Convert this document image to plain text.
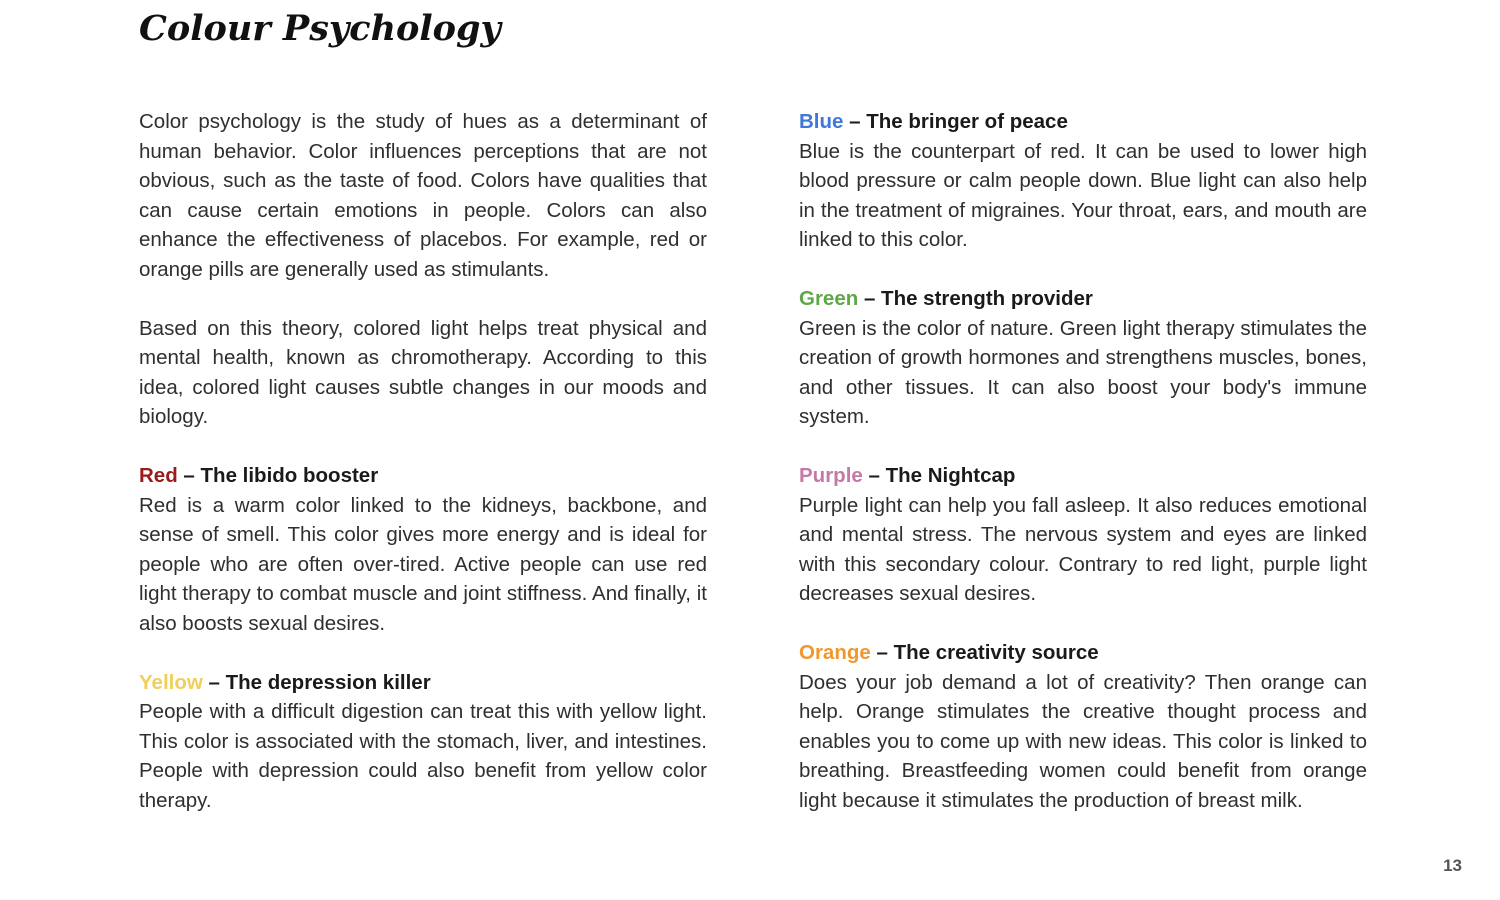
Colour Psychology

Color psychology is the study of hues as a determinant of human behavior. Color influences perceptions that are not obvious, such as the taste of food. Colors have qualities that can cause certain emotions in people. Colors can also enhance the effectiveness of placebos. For example, red or orange pills are generally used as stimulants.

Based on this theory, colored light helps treat physical and mental health, known as chromotherapy. According to this idea, colored light causes subtle changes in our moods and biology.

Red – The libido booster

Red is a warm color linked to the kidneys, backbone, and sense of smell. This color gives more energy and is ideal for people who are often over-tired. Active people can use red light therapy to combat muscle and joint stiffness. And finally, it also boosts sexual desires.

Yellow – The depression killer

People with a difficult digestion can treat this with yellow light. This color is associated with the stomach, liver, and intestines. People with depression could also benefit from yellow color therapy.

Blue – The bringer of peace

Blue is the counterpart of red. It can be used to lower high blood pressure or calm people down. Blue light can also help in the treatment of migraines. Your throat, ears, and mouth are linked to this color.

Green – The strength provider

Green is the color of nature. Green light therapy stimulates the creation of growth hormones and strengthens muscles, bones, and other tissues. It can also boost your body's immune system.

Purple – The Nightcap

Purple light can help you fall asleep. It also reduces emotional and mental stress. The nervous system and eyes are linked with this secondary colour. Contrary to red light, purple light decreases sexual desires.

Orange – The creativity source

Does your job demand a lot of creativity? Then orange can help. Orange stimulates the creative thought process and enables you to come up with new ideas. This color is linked to breathing. Breastfeeding women could benefit from orange light because it stimulates the production of breast milk.

13
